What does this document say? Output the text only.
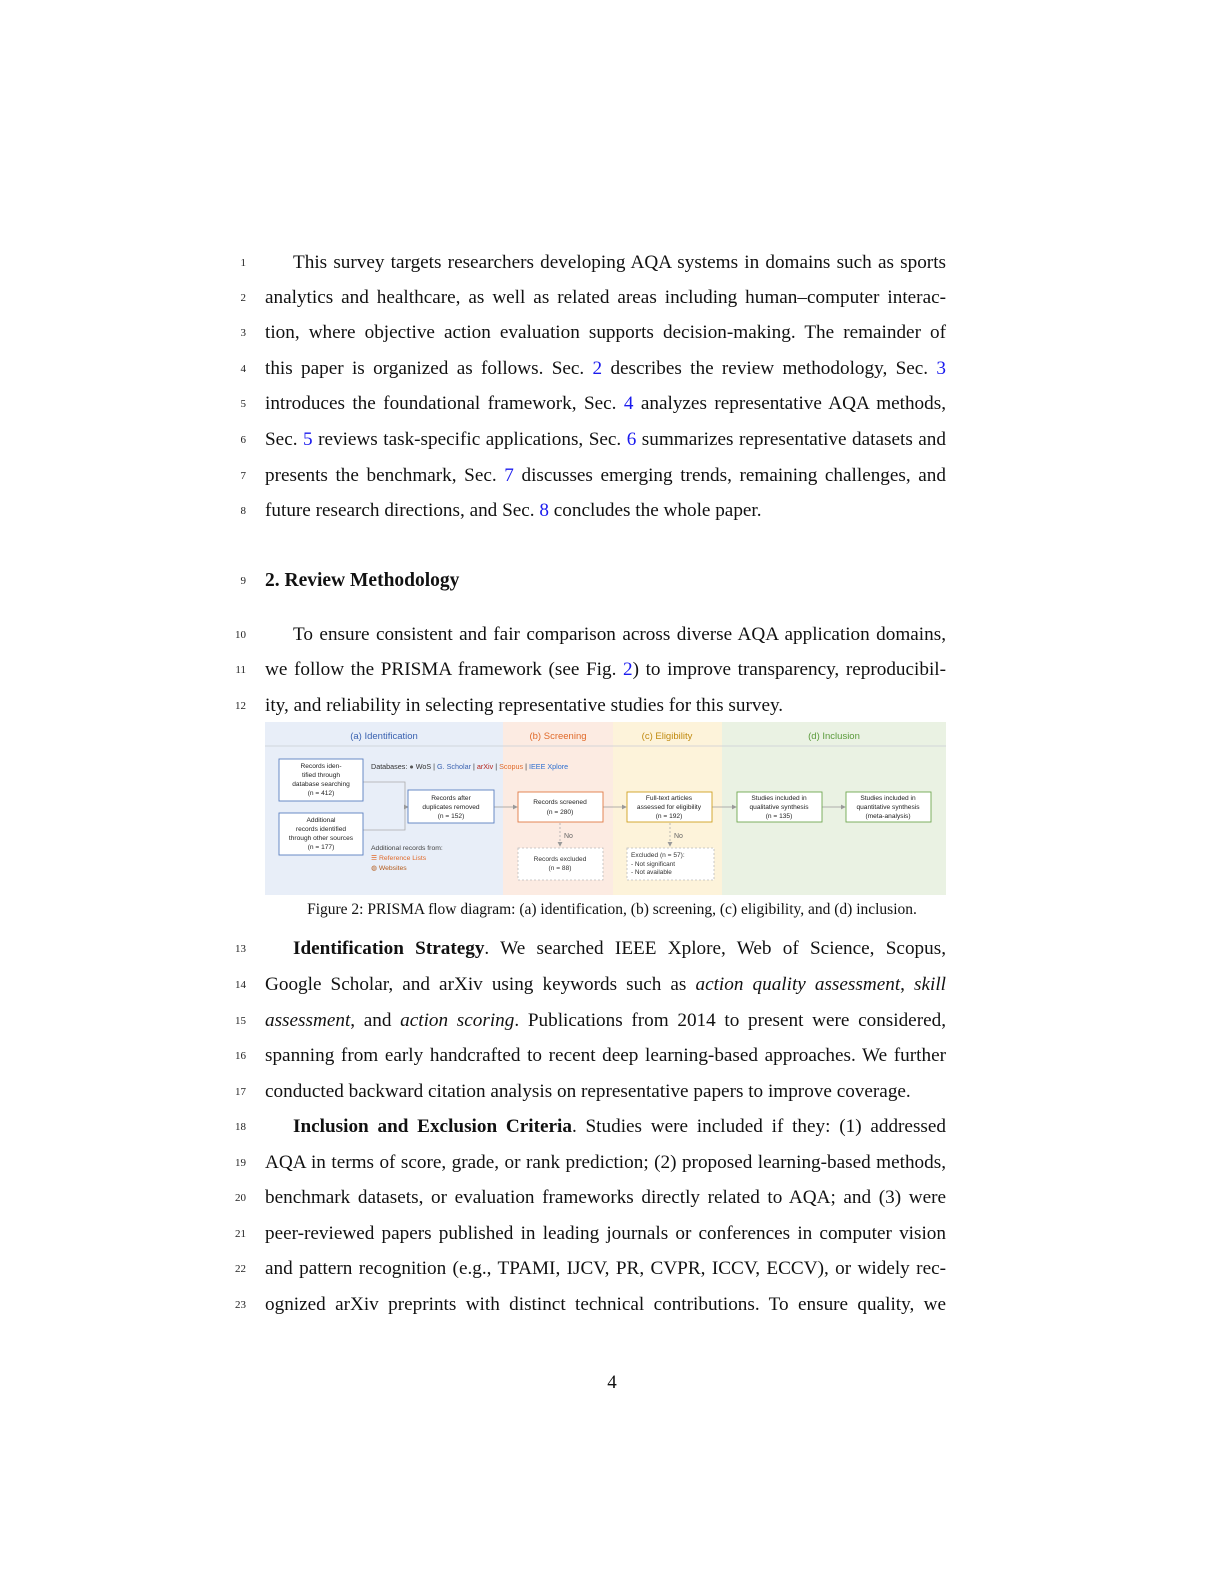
1	This survey targets researchers developing AQA systems in domains such as sports
2 analytics and healthcare, as well as related areas including human–computer interac-
3 tion, where objective action evaluation supports decision-making. The remainder of
4 this paper is organized as follows. Sec. 2 describes the review methodology, Sec. 3
5 introduces the foundational framework, Sec. 4 analyzes representative AQA methods,
6 Sec. 5 reviews task-specific applications, Sec. 6 summarizes representative datasets and
7 presents the benchmark, Sec. 7 discusses emerging trends, remaining challenges, and
8 future research directions, and Sec. 8 concludes the whole paper.
9 2. Review Methodology
10	To ensure consistent and fair comparison across diverse AQA application domains,
11 we follow the PRISMA framework (see Fig. 2) to improve transparency, reproducibil-
12 ity, and reliability in selecting representative studies for this survey.
(a) Identification	(b) Screening	(c) Eligibility	(d) Inclusion
Databases: ● WoS | G. Scholar | arXiv | Scopus | IEEE Xplore
No	No
Records iden-
tified through
database searching
(n = 412)
Additional
records identified
through other sources
(n = 177)
Records after
duplicates removed
(n = 152)
Records screened
(n = 280)
Full-text articles
assessed for eligibility
(n = 192)
Studies included in
qualitative synthesis
(n = 135)
Studies included in
quantitative synthesis
(meta-analysis)
Records excluded
(n = 88)
Excluded (n = 57):
- Not significant
- Not available
Additional records from:
☰ Reference Lists
◍ Websites
Figure 2: PRISMA flow diagram: (a) identification, (b) screening, (c) eligibility, and (d) inclusion.
13	Identification Strategy. We searched IEEE Xplore, Web of Science, Scopus,
14 Google Scholar, and arXiv using keywords such as action quality assessment, skill
15 assessment, and action scoring. Publications from 2014 to present were considered,
16 spanning from early handcrafted to recent deep learning-based approaches. We further
17 conducted backward citation analysis on representative papers to improve coverage.
18	Inclusion and Exclusion Criteria. Studies were included if they: (1) addressed
19 AQA in terms of score, grade, or rank prediction; (2) proposed learning-based methods,
20 benchmark datasets, or evaluation frameworks directly related to AQA; and (3) were
21 peer-reviewed papers published in leading journals or conferences in computer vision
22 and pattern recognition (e.g., TPAMI, IJCV, PR, CVPR, ICCV, ECCV), or widely rec-
23 ognized arXiv preprints with distinct technical contributions. To ensure quality, we
4
